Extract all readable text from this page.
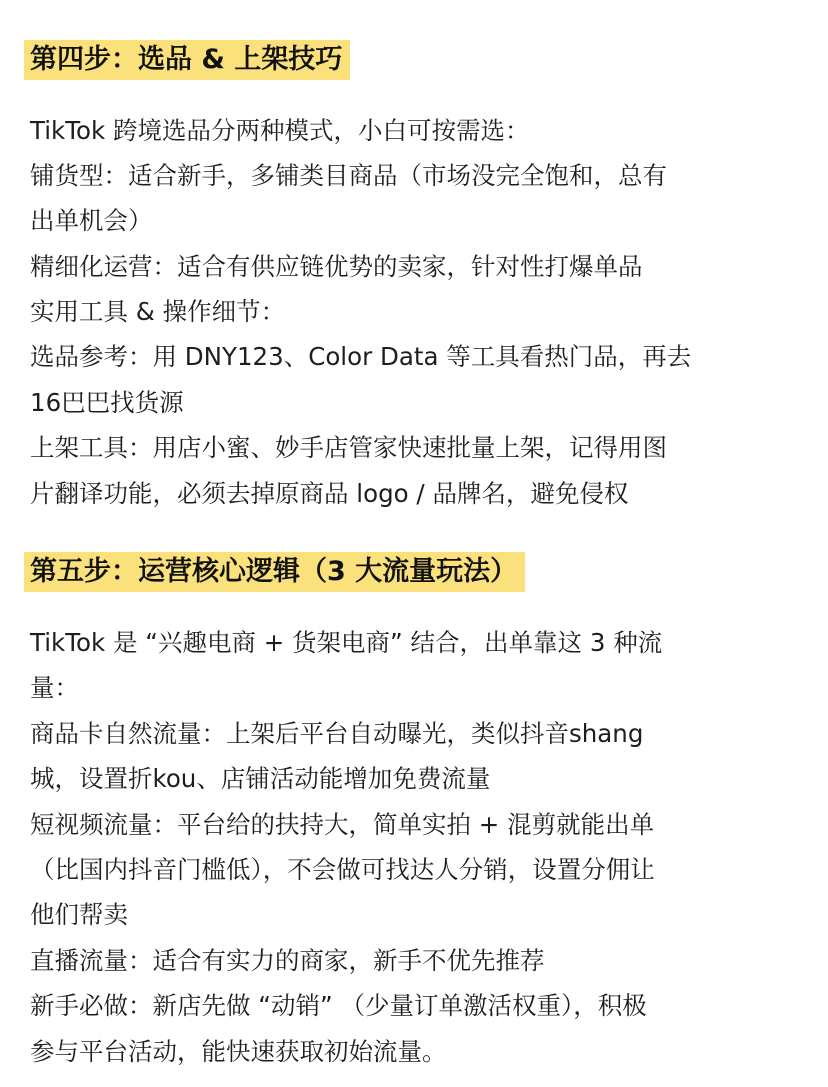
第四步：选品 & 上架技巧
TikTok 跨境选品分两种模式，小白可按需选：
铺货型：适合新手，多铺类目商品（市场没完全饱和，总有
出单机会）
精细化运营：适合有供应链优势的卖家，针对性打爆单品
实用工具 & 操作细节：
选品参考：用 DNY123、Color Data 等工具看热门品，再去
16巴巴找货源
上架工具：用店小蜜、妙手店管家快速批量上架，记得用图
片翻译功能，必须去掉原商品 logo / 品牌名，避免侵权
第五步：运营核心逻辑（3 大流量玩法）
TikTok 是 “兴趣电商 + 货架电商” 结合，出单靠这 3 种流
量：
商品卡自然流量：上架后平台自动曝光，类似抖音shang
城，设置折kou、店铺活动能增加免费流量
短视频流量：平台给的扶持大，简单实拍 + 混剪就能出单
（比国内抖音门槛低），不会做可找达人分销，设置分佣让
他们帮卖
直播流量：适合有实力的商家，新手不优先推荐
新手必做：新店先做 “动销” （少量订单激活权重），积极
参与平台活动，能快速获取初始流量。
